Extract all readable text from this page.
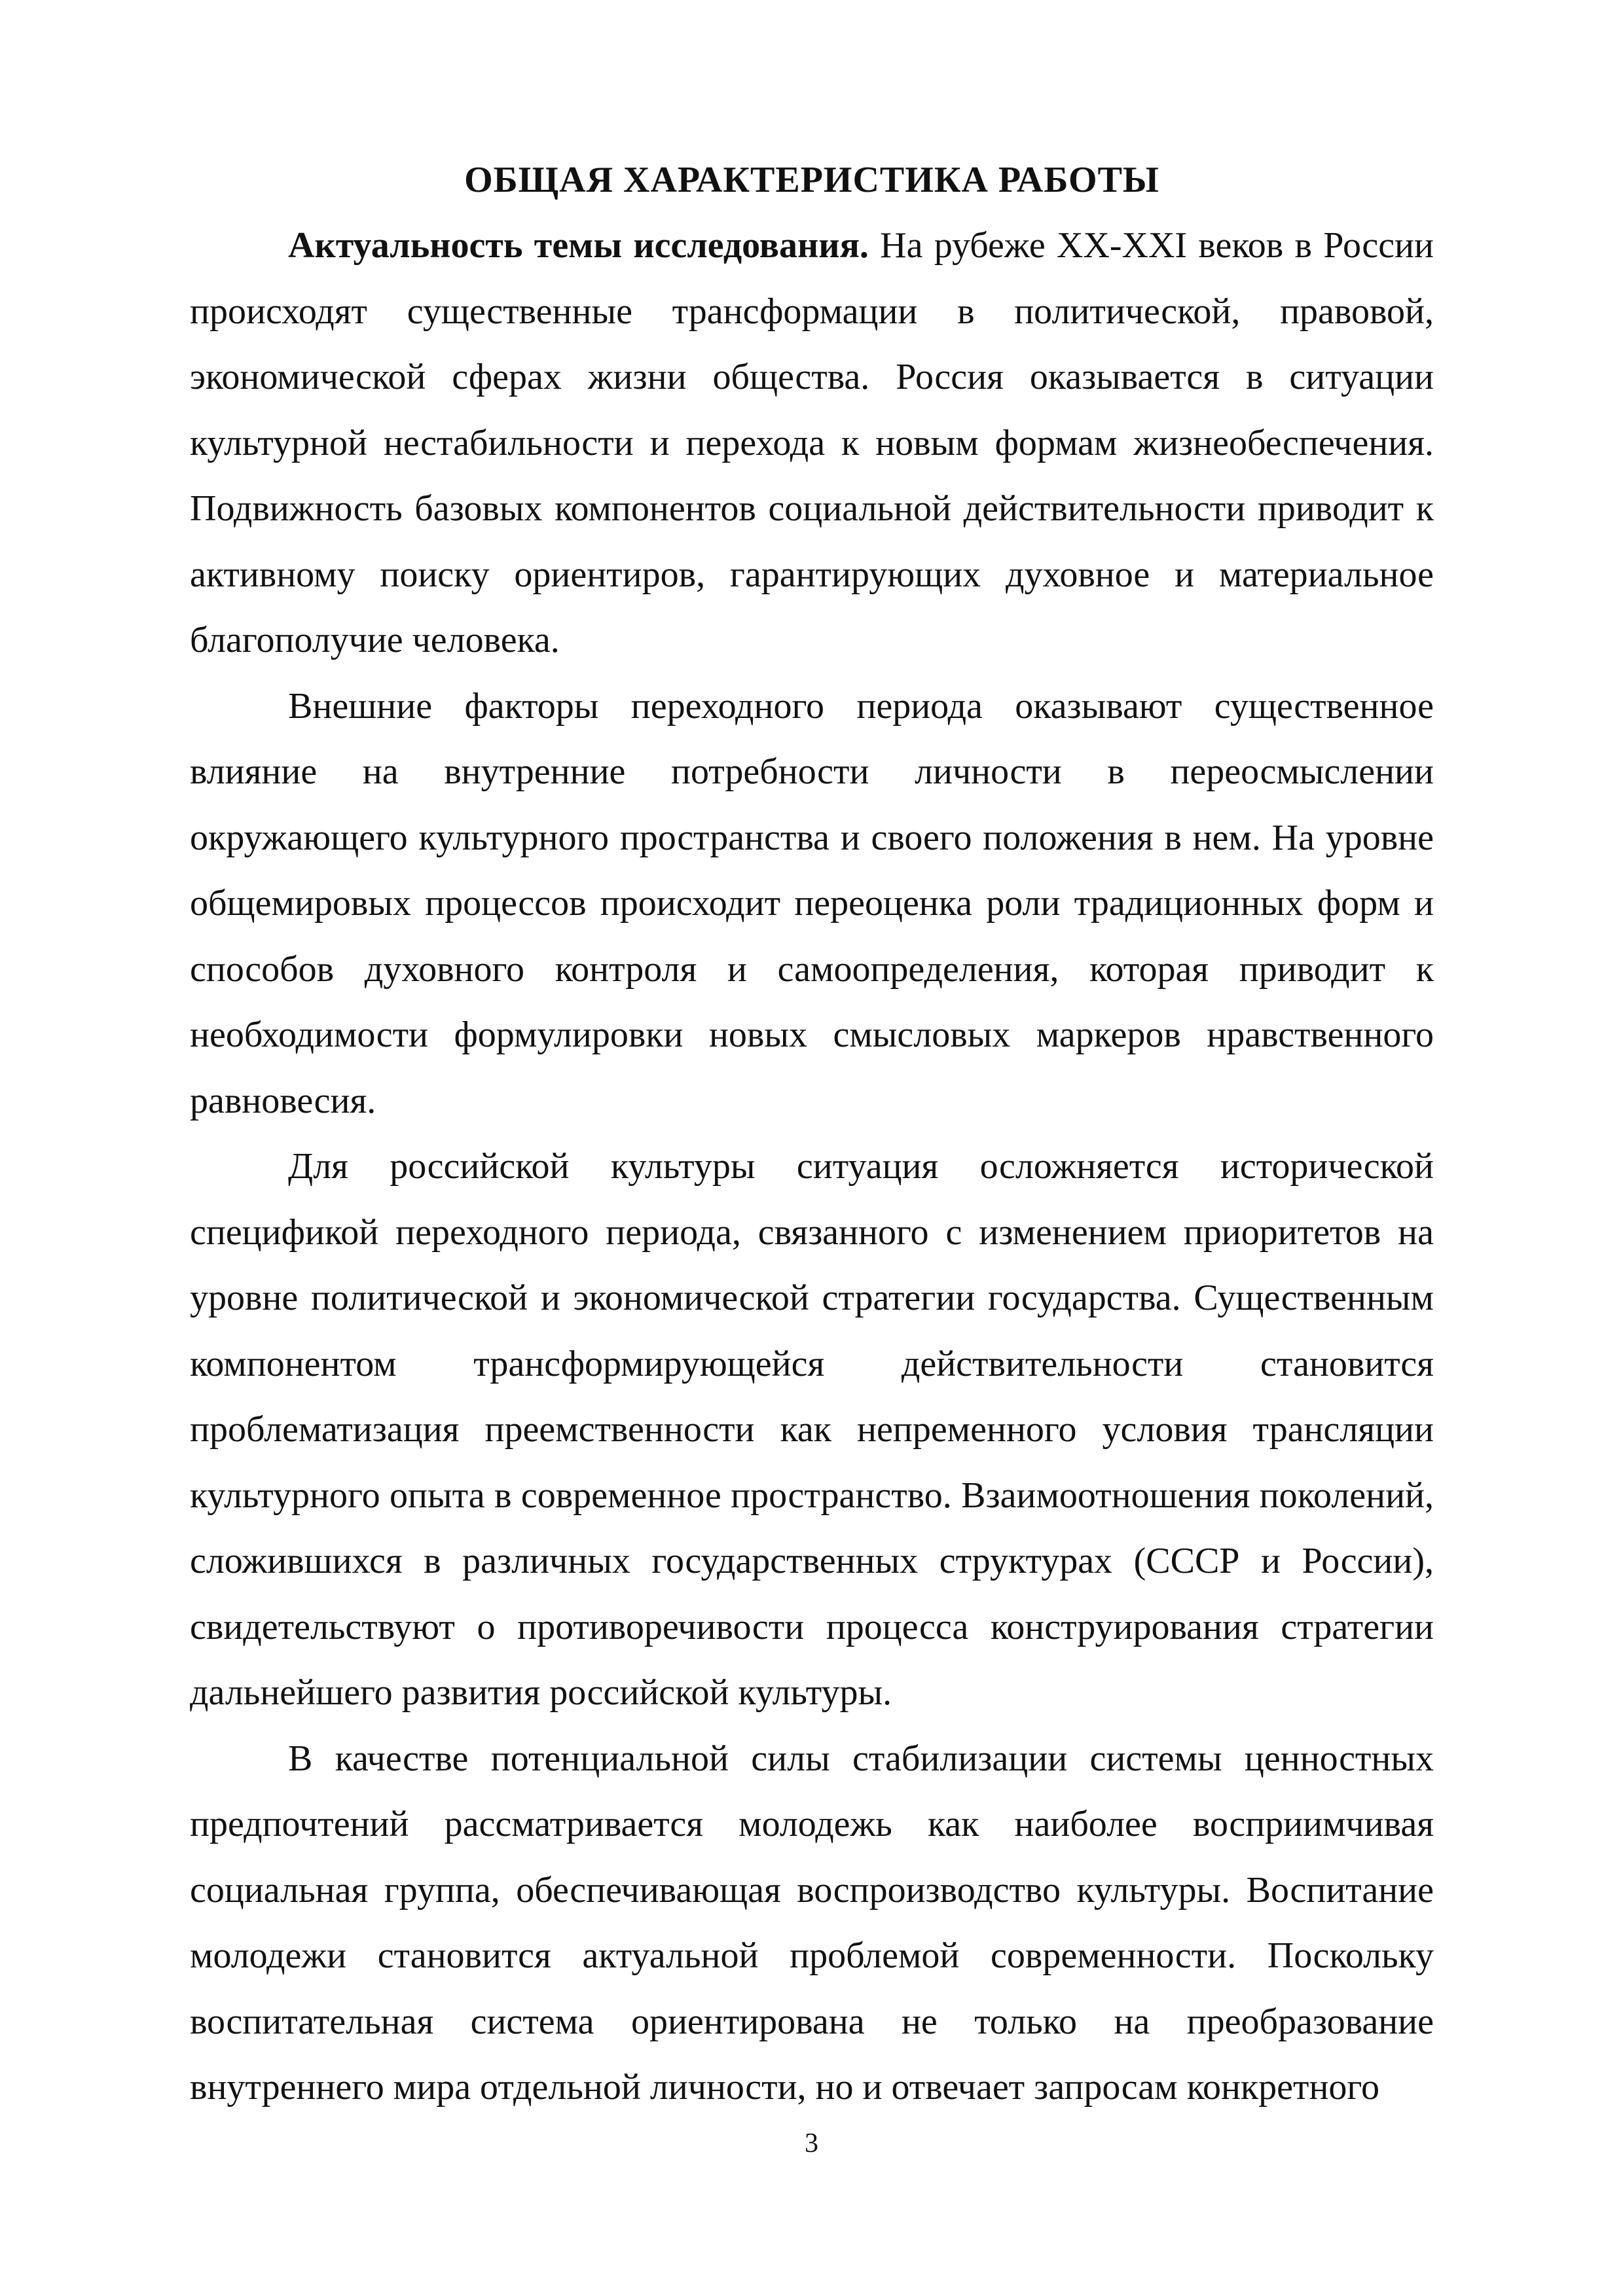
ОБЩАЯ ХАРАКТЕРИСТИКА РАБОТЫ

Актуальность темы исследования. На рубеже XX-XXI веков в России происходят существенные трансформации в политической, правовой, экономической сферах жизни общества. Россия оказывается в ситуации культурной нестабильности и перехода к новым формам жизнеобеспечения. Подвижность базовых компонентов социальной действительности приводит к активному поиску ориентиров, гарантирующих духовное и материальное благополучие человека.

Внешние факторы переходного периода оказывают существенное влияние на внутренние потребности личности в переосмыслении окружающего культурного пространства и своего положения в нем. На уровне общемировых процессов происходит переоценка роли традиционных форм и способов духовного контроля и самоопределения, которая приводит к необходимости формулировки новых смысловых маркеров нравственного равновесия.

Для российской культуры ситуация осложняется исторической спецификой переходного периода, связанного с изменением приоритетов на уровне политической и экономической стратегии государства. Существенным компонентом трансформирующейся действительности становится проблематизация преемственности как непременного условия трансляции культурного опыта в современное пространство. Взаимоотношения поколений, сложившихся в различных государственных структурах (СССР и России), свидетельствуют о противоречивости процесса конструирования стратегии дальнейшего развития российской культуры.

В качестве потенциальной силы стабилизации системы ценностных предпочтений рассматривается молодежь как наиболее восприимчивая социальная группа, обеспечивающая воспроизводство культуры. Воспитание молодежи становится актуальной проблемой современности. Поскольку воспитательная система ориентирована не только на преобразование внутреннего мира отдельной личности, но и отвечает запросам конкретного

3
